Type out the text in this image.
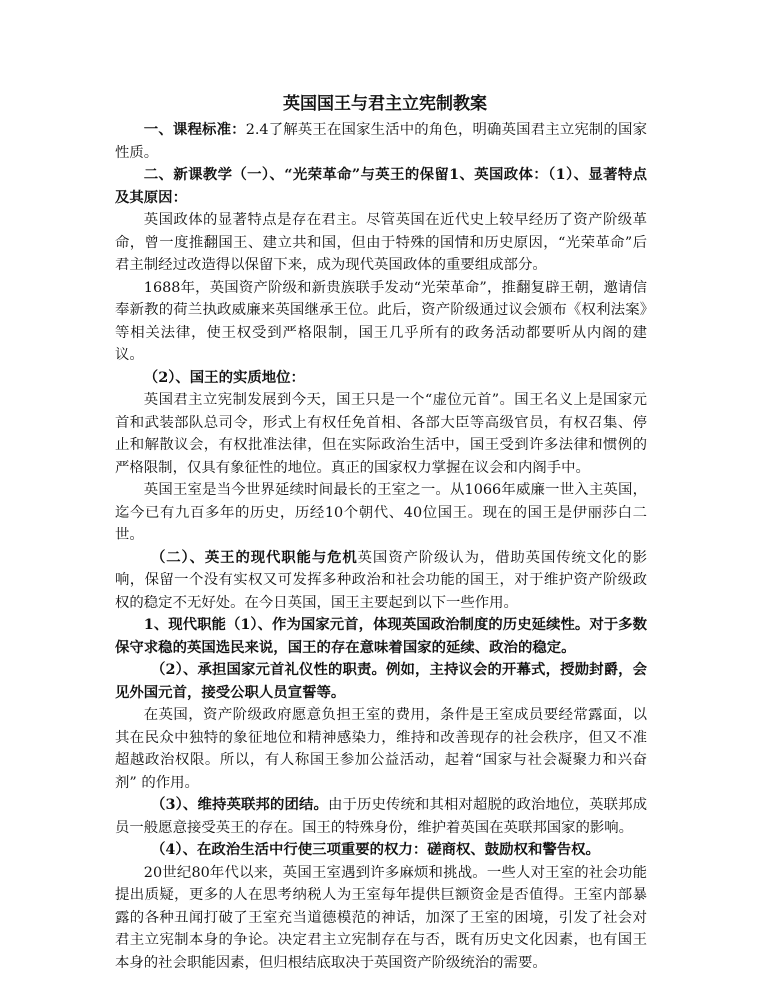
英国国王与君主立宪制教案

一、课程标准：2.4了解英王在国家生活中的角色，明确英国君主立宪制的国家性质。

二、新课教学（一）、“光荣革命”与英王的保留1、英国政体：（1）、显著特点及其原因：

英国政体的显著特点是存在君主。尽管英国在近代史上较早经历了资产阶级革命，曾一度推翻国王、建立共和国，但由于特殊的国情和历史原因，“光荣革命”后君主制经过改造得以保留下来，成为现代英国政体的重要组成部分。

1688年，英国资产阶级和新贵族联手发动“光荣革命”，推翻复辟王朝，邀请信奉新教的荷兰执政威廉来英国继承王位。此后，资产阶级通过议会颁布《权利法案》等相关法律，使王权受到严格限制，国王几乎所有的政务活动都要听从内阁的建议。

（2）、国王的实质地位：

英国君主立宪制发展到今天，国王只是一个“虚位元首”。国王名义上是国家元首和武装部队总司令，形式上有权任免首相、各部大臣等高级官员，有权召集、停止和解散议会，有权批准法律，但在实际政治生活中，国王受到许多法律和惯例的严格限制，仅具有象征性的地位。真正的国家权力掌握在议会和内阁手中。

英国王室是当今世界延续时间最长的王室之一。从1066年威廉一世入主英国，迄今已有九百多年的历史，历经10个朝代、40位国王。现在的国王是伊丽莎白二世。

（二）、英王的现代职能与危机英国资产阶级认为，借助英国传统文化的影响，保留一个没有实权又可发挥多种政治和社会功能的国王，对于维护资产阶级政权的稳定不无好处。在今日英国，国王主要起到以下一些作用。

1、现代职能（1）、作为国家元首，体现英国政治制度的历史延续性。对于多数保守求稳的英国选民来说，国王的存在意味着国家的延续、政治的稳定。

（2）、承担国家元首礼仪性的职责。例如，主持议会的开幕式，授勋封爵，会见外国元首，接受公职人员宣誓等。

在英国，资产阶级政府愿意负担王室的费用，条件是王室成员要经常露面，以其在民众中独特的象征地位和精神感染力，维持和改善现存的社会秩序，但又不准超越政治权限。所以，有人称国王参加公益活动，起着“国家与社会凝聚力和兴奋剂” 的作用。

（3）、维持英联邦的团结。由于历史传统和其相对超脱的政治地位，英联邦成员一般愿意接受英王的存在。国王的特殊身份，维护着英国在英联邦国家的影响。

（4）、在政治生活中行使三项重要的权力：磋商权、鼓励权和警告权。

20世纪80年代以来，英国王室遇到许多麻烦和挑战。一些人对王室的社会功能提出质疑，更多的人在思考纳税人为王室每年提供巨额资金是否值得。王室内部暴露的各种丑闻打破了王室充当道德模范的神话，加深了王室的困境，引发了社会对君主立宪制本身的争论。决定君主立宪制存在与否，既有历史文化因素，也有国王本身的社会职能因素，但归根结底取决于英国资产阶级统治的需要。
